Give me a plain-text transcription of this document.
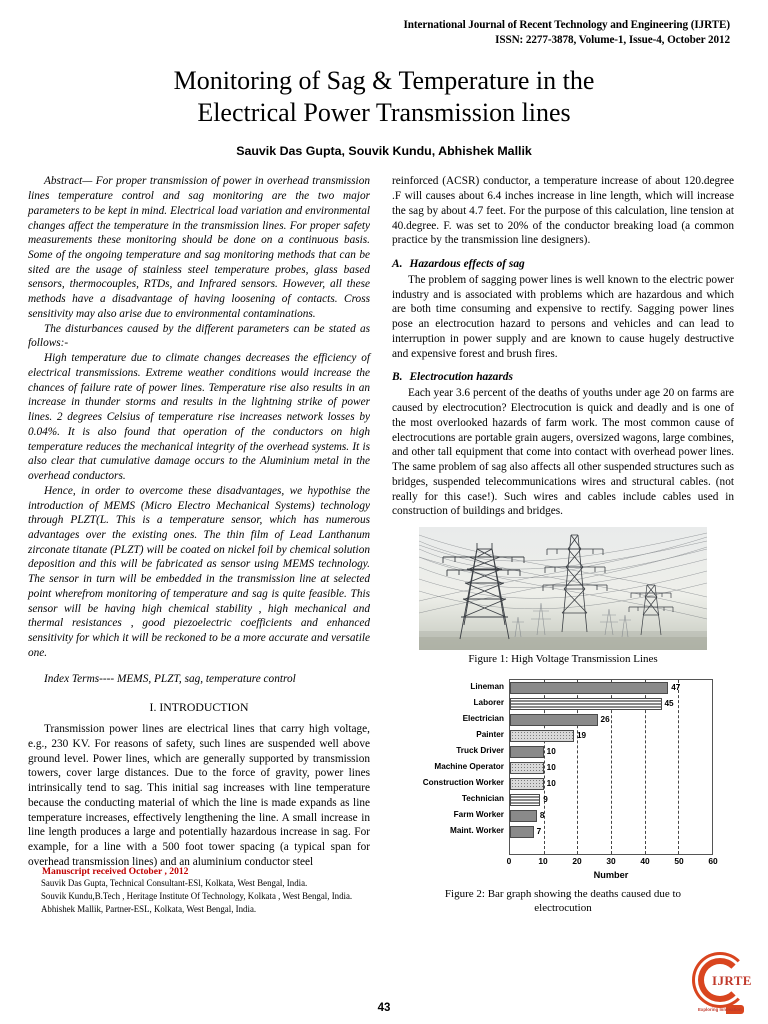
International Journal of Recent Technology and Engineering (IJRTE)
ISSN: 2277-3878, Volume-1, Issue-4, October 2012
Monitoring of Sag & Temperature in the
Electrical Power Transmission lines
Sauvik Das Gupta, Souvik Kundu, Abhishek Mallik

Abstract— For proper transmission of power in overhead transmission lines temperature control and sag monitoring are the two major parameters to be kept in mind. Electrical load variation and environmental changes affect the temperature in the transmission lines. For proper safety measurements these monitoring should be done on a continuous basis. Some of the ongoing temperature and sag monitoring methods that can be sited are the usage of stainless steel temperature probes, glass based sensors, thermocouples, RTDs, and Infrared sensors. However, all these methods have a disadvantage of having loosening of contacts. Cross sensitivity may also arise due to environmental contaminations.

The disturbances caused by the different parameters can be stated as follows:-

High temperature due to climate changes decreases the efficiency of electrical transmissions. Extreme weather conditions would increase the chances of failure rate of power lines. Temperature rise also results in an increase in thunder storms and results in the lightning strike of power lines. 2 degrees Celsius of temperature rise increases network losses by 0.04%. It is also found that operation of the conductors on high temperature reduces the mechanical integrity of the overhead systems. It is also clear that cumulative damage occurs to the Aluminium metal in the overhead conductors.

Hence, in order to overcome these disadvantages, we hypothise the introduction of MEMS (Micro Electro Mechanical Systems) technology through PLZT(L. This is a temperature sensor, which has numerous advantages over the existing ones. The thin film of Lead Lanthanum zirconate titanate (PLZT) will be coated on nickel foil by chemical solution deposition and this will be fabricated as sensor using MEMS technology. The sensor in turn will be embedded in the transmission line at selected point wherefrom monitoring of temperature and sag is quite feasible. This sensor will be having high chemical stability , high mechanical and thermal resistances , good piezoelectric coefficients and enhanced sensitivity for which it will be reckoned to be a more accurate and versatile one.

Index Terms---- MEMS, PLZT, sag, temperature control

I. INTRODUCTION

Transmission power lines are electrical lines that carry high voltage, e.g., 230 KV. For reasons of safety, such lines are suspended well above ground level. Power lines, which are generally supported by transmission towers, cover large distances. Due to the force of gravity, power lines intrinsically tend to sag. This initial sag increases with line temperature because the conducting material of which the line is made expands as line temperature increases, effectively lengthening the line. A small increase in line length produces a large and potentially hazardous increase in sag. For example, for a line with a 500 foot tower spacing (a typical span for overhead transmission lines) and an aluminium conductor steel

Manuscript received October , 2012
Sauvik Das Gupta, Technical Consultant-ESl, Kolkata, West Bengal, India.
Souvik Kundu,B.Tech , Heritage Institute Of Technology, Kolkata , West Bengal, India.
Abhishek Mallik, Partner-ESL, Kolkata, West Bengal, India.

reinforced (ACSR) conductor, a temperature increase of about 120.degree .F will causes about 6.4 inches increase in line length, which will increase the sag by about 4.7 feet. For the purpose of this calculation, line tension at 40.degree. F. was set to 20% of the conductor breaking load (a common practice by the transmission line designers).

A. Hazardous effects of sag

The problem of sagging power lines is well known to the electric power industry and is associated with problems which are hazardous and which are both time consuming and expensive to rectify. Sagging power lines pose an electrocution hazard to persons and vehicles and can lead to interruption in power supply and are known to cause hugely destructive and expensive forest and brush fires.

B. Electrocution hazards

Each year 3.6 percent of the deaths of youths under age 20 on farms are caused by electrocution? Electrocution is quick and deadly and is one of the most overlooked hazards of farm work. The most common cause of electrocutions are portable grain augers, oversized wagons, large combines, and other tall equipment that come into contact with overhead power lines. The same problem of sag also affects all other suspended structures such as bridges, suspended telecommunications wires and structural cables. (not really for this case!). Such wires and cables include cables used in construction of buildings and bridges.

Figure 1: High Voltage Transmission Lines
Lineman
Laborer
Electrician
Painter
Truck Driver
Machine Operator
Construction Worker
Technician
Farm Worker
Maint. Worker
47
45
26
19
10
10
10
9
8
7
0	10	20	30	40	50	60
Number
Figure 2: Bar graph showing the deaths caused due to
electrocution
IJRTE
Exploring Innovation
43
